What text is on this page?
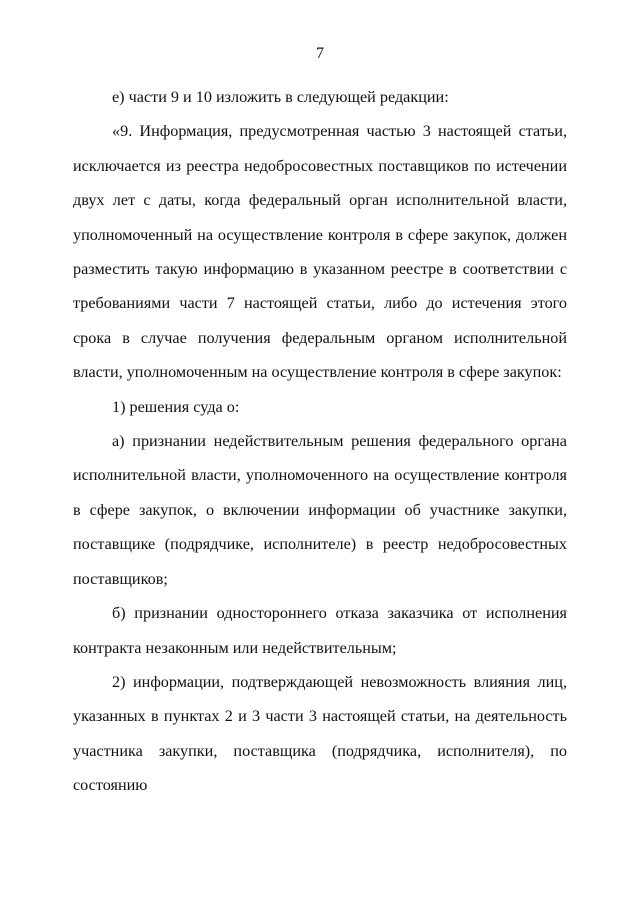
7

е) части 9 и 10 изложить в следующей редакции:

«9. Информация, предусмотренная частью 3 настоящей статьи, исключается из реестра недобросовестных поставщиков по истечении двух лет с даты, когда федеральный орган исполнительной власти, уполномоченный на осуществление контроля в сфере закупок, должен разместить такую информацию в указанном реестре в соответствии с требованиями части 7 настоящей статьи, либо до истечения этого срока в случае получения федеральным органом исполнительной власти, уполномоченным на осуществление контроля в сфере закупок:

1) решения суда о:

а) признании недействительным решения федерального органа исполнительной власти, уполномоченного на осуществление контроля в сфере закупок, о включении информации об участнике закупки, поставщике (подрядчике, исполнителе) в реестр недобросовестных поставщиков;

б) признании одностороннего отказа заказчика от исполнения контракта незаконным или недействительным;

2) информации, подтверждающей невозможность влияния лиц, указанных в пунктах 2 и 3 части 3 настоящей статьи, на деятельность участника закупки, поставщика (подрядчика, исполнителя), по состоянию
